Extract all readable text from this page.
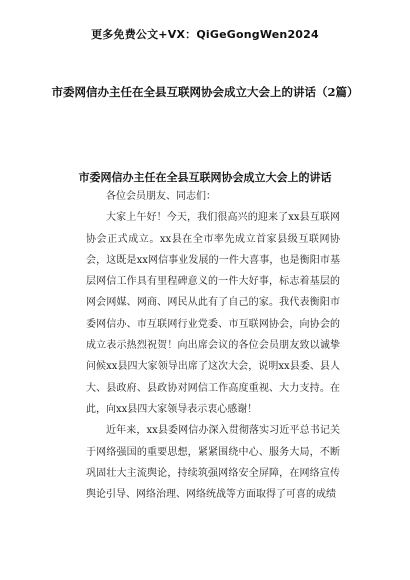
更多免费公文+VX：QiGeGongWen2024
市委网信办主任在全县互联网协会成立大会上的讲话（2篇）
市委网信办主任在全县互联网协会成立大会上的讲话

各位会员朋友、同志们：

大家上午好！今天，我们很高兴的迎来了xx县互联网协会正式成立。xx县在全市率先成立首家县级互联网协会，这既是xx网信事业发展的一件大喜事，也是衡阳市基层网信工作具有里程碑意义的一件大好事，标志着基层的网会网媒、网商、网民从此有了自己的家。我代表衡阳市委网信办、市互联网行业党委、市互联网协会，向协会的成立表示热烈祝贺！向出席会议的各位会员朋友致以诚挚问候xx县四大家领导出席了这次大会，说明xx县委、县人大、县政府、县政协对网信工作高度重视、大力支持。在此，向xx县四大家领导表示衷心感谢！

近年来，xx县委网信办深入贯彻落实习近平总书记关于网络强国的重要思想，紧紧围绕中心、服务大局，不断巩固壮大主流舆论，持续筑强网络安全屏障，在网络宣传舆论引导、网络治理、网络统战等方面取得了可喜的成绩
